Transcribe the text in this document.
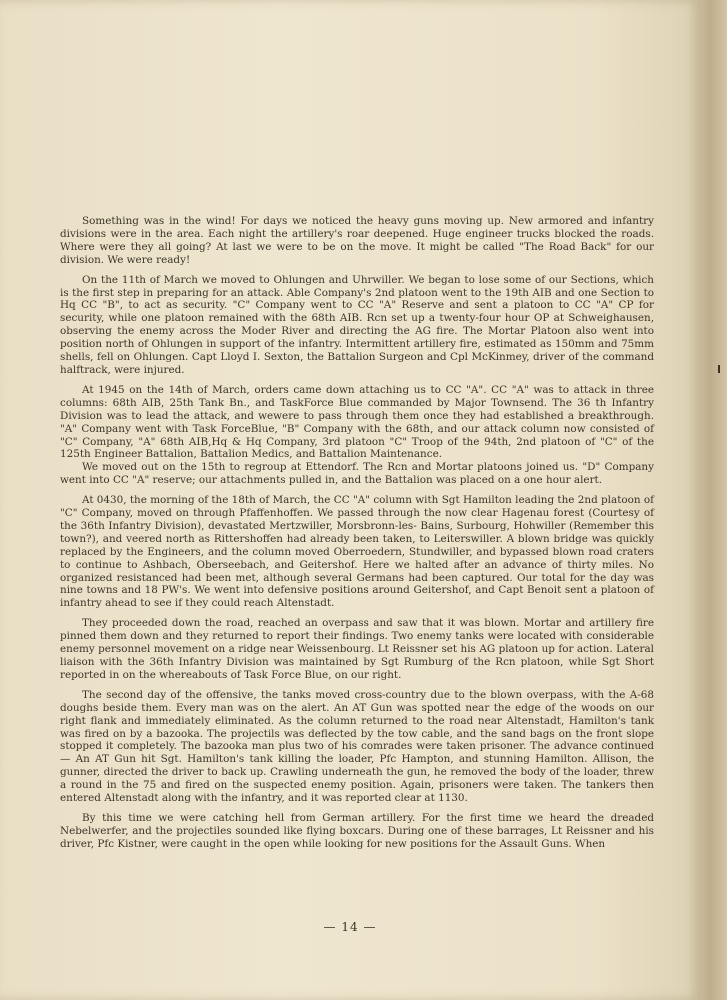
Something was in the wind! For days we noticed the heavy guns moving up. New armored and infantry divisions were in the area. Each night the artillery's roar deepened. Huge engineer trucks blocked the roads. Where were they all going? At last we were to be on the move. It might be called "The Road Back" for our division. We were ready!

On the 11th of March we moved to Ohlungen and Uhrwiller. We began to lose some of our Sections, which is the first step in preparing for an attack. Able Company's 2nd platoon went to the 19th AIB and one Section to Hq CC "B", to act as security. "C" Company went to CC "A" Reserve and sent a platoon to CC "A" CP for security, while one platoon remained with the 68th AIB. Rcn set up a twenty-four hour OP at Schweighausen, observing the enemy across the Moder River and directing the AG fire. The Mortar Platoon also went into position north of Ohlungen in support of the infantry. Intermittent artillery fire, estimated as 150mm and 75mm shells, fell on Ohlungen. Capt Lloyd I. Sexton, the Battalion Surgeon and Cpl McKinmey, driver of the command halftrack, were injured.

At 1945 on the 14th of March, orders came down attaching us to CC "A". CC "A" was to attack in three columns: 68th AIB, 25th Tank Bn., and TaskForce Blue commanded by Major Townsend. The 36 th Infantry Division was to lead the attack, and wewere to pass through them once they had established a breakthrough. "A" Company went with Task ForceBlue, "B" Company with the 68th, and our attack column now consisted of "C" Company, "A" 68th AIB,Hq & Hq Company, 3rd platoon "C" Troop of the 94th, 2nd platoon of "C" of the 125th Engineer Battalion, Battalion Medics, and Battalion Maintenance.

We moved out on the 15th to regroup at Ettendorf. The Rcn and Mortar platoons joined us. "D" Company went into CC "A" reserve; our attachments pulled in, and the Battalion was placed on a one hour alert.

At 0430, the morning of the 18th of March, the CC "A" column with Sgt Hamilton leading the 2nd platoon of "C" Company, moved on through Pfaffenhoffen. We passed through the now clear Hagenau forest (Courtesy of the 36th Infantry Division), devastated Mertzwiller, Morsbronn-les- Bains, Surbourg, Hohwiller (Remember this town?), and veered north as Rittershoffen had already been taken, to Leiterswiller. A blown bridge was quickly replaced by the Engineers, and the column moved Oberroedern, Stundwiller, and bypassed blown road craters to continue to Ashbach, Oberseebach, and Geitershof. Here we halted after an advance of thirty miles. No organized resistanced had been met, although several Germans had been captured. Our total for the day was nine towns and 18 PW's. We went into defensive positions around Geitershof, and Capt Benoit sent a platoon of infantry ahead to see if they could reach Altenstadt.

They proceeded down the road, reached an overpass and saw that it was blown. Mortar and artillery fire pinned them down and they returned to report their findings. Two enemy tanks were located with considerable enemy personnel movement on a ridge near Weissenbourg. Lt Reissner set his AG platoon up for action. Lateral liaison with the 36th Infantry Division was maintained by Sgt Rumburg of the Rcn platoon, while Sgt Short reported in on the whereabouts of Task Force Blue, on our right.

The second day of the offensive, the tanks moved cross-country due to the blown overpass, with the A-68 doughs beside them. Every man was on the alert. An AT Gun was spotted near the edge of the woods on our right flank and immediately eliminated. As the column returned to the road near Altenstadt, Hamilton's tank was fired on by a bazooka. The projectils was deflected by the tow cable, and the sand bags on the front slope stopped it completely. The bazooka man plus two of his comrades were taken prisoner. The advance continued — An AT Gun hit Sgt. Hamilton's tank killing the loader, Pfc Hampton, and stunning Hamilton. Allison, the gunner, directed the driver to back up. Crawling underneath the gun, he removed the body of the loader, threw a round in the 75 and fired on the suspected enemy position. Again, prisoners were taken. The tankers then entered Altenstadt along with the infantry, and it was reported clear at 1130.

By this time we were catching hell from German artillery. For the first time we heard the dreaded Nebelwerfer, and the projectiles sounded like flying boxcars. During one of these barrages, Lt Reissner and his driver, Pfc Kistner, were caught in the open while looking for new positions for the Assault Guns. When

— 14 —
